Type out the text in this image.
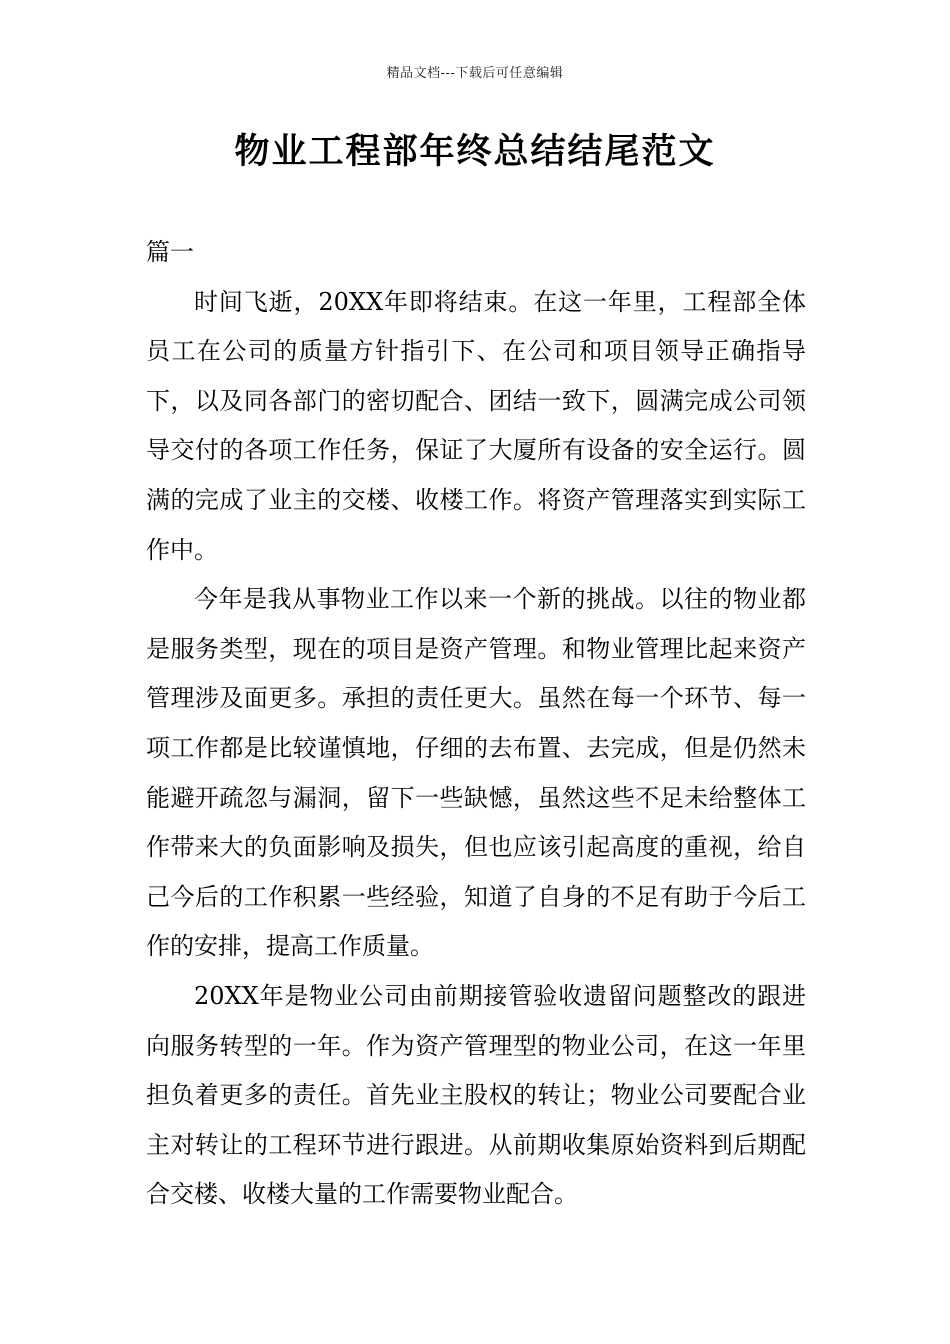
精品文档---下载后可任意编辑
物业工程部年终总结结尾范文

篇一

时间飞逝，20XX年即将结束。在这一年里，工程部全体员工在公司的质量方针指引下、在公司和项目领导正确指导下，以及同各部门的密切配合、团结一致下，圆满完成公司领导交付的各项工作任务，保证了大厦所有设备的安全运行。圆满的完成了业主的交楼、收楼工作。将资产管理落实到实际工作中。

今年是我从事物业工作以来一个新的挑战。以往的物业都是服务类型，现在的项目是资产管理。和物业管理比起来资产管理涉及面更多。承担的责任更大。虽然在每一个环节、每一项工作都是比较谨慎地，仔细的去布置、去完成，但是仍然未能避开疏忽与漏洞，留下一些缺憾，虽然这些不足未给整体工作带来大的负面影响及损失，但也应该引起高度的重视，给自己今后的工作积累一些经验，知道了自身的不足有助于今后工作的安排，提高工作质量。

20XX年是物业公司由前期接管验收遗留问题整改的跟进向服务转型的一年。作为资产管理型的物业公司，在这一年里担负着更多的责任。首先业主股权的转让；物业公司要配合业主对转让的工程环节进行跟进。从前期收集原始资料到后期配合交楼、收楼大量的工作需要物业配合。
